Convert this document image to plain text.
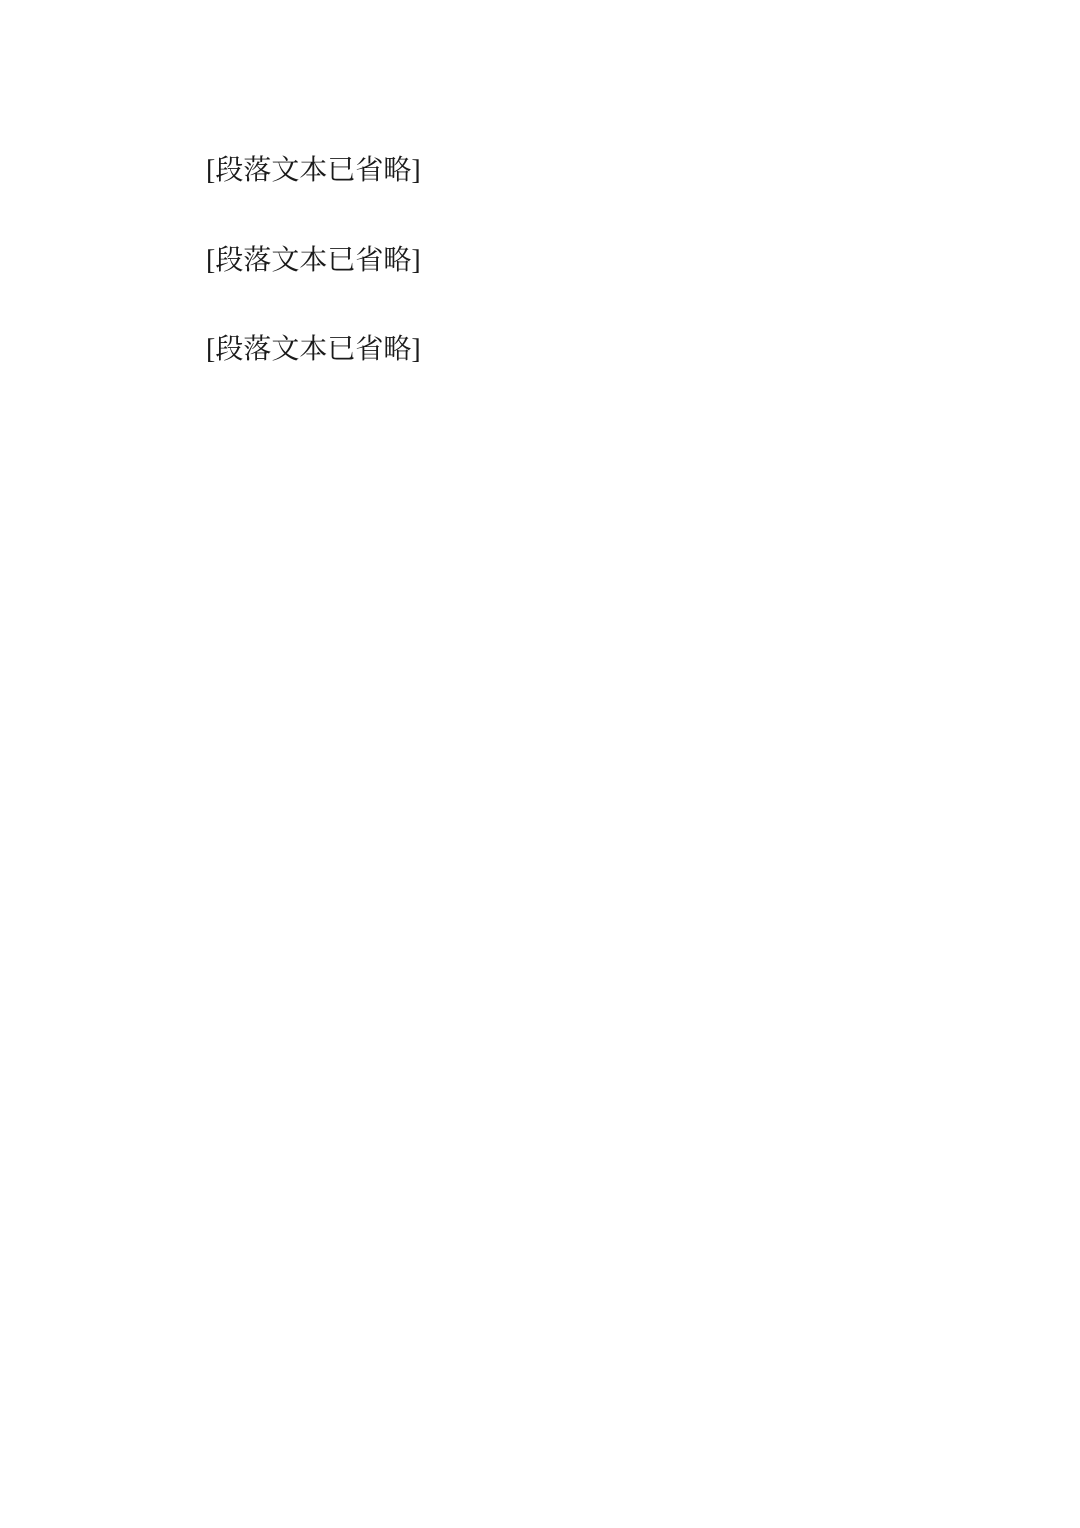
[段落文本已省略]

[段落文本已省略]

[段落文本已省略]
